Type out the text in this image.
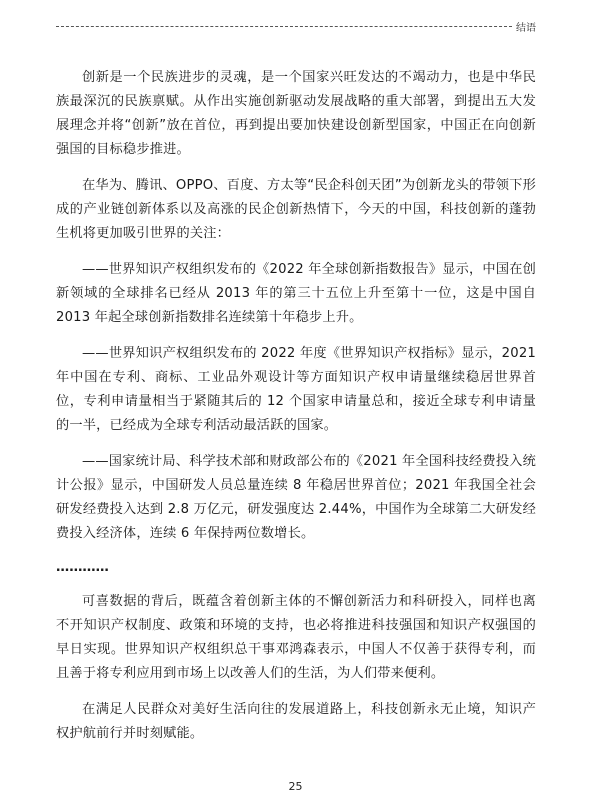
结语

创新是一个民族进步的灵魂，是一个国家兴旺发达的不竭动力，也是中华民族最深沉的民族禀赋。从作出实施创新驱动发展战略的重大部署，到提出五大发展理念并将“创新”放在首位，再到提出要加快建设创新型国家，中国正在向创新强国的目标稳步推进。

在华为、腾讯、OPPO、百度、方太等“民企科创天团”为创新龙头的带领下形成的产业链创新体系以及高涨的民企创新热情下，今天的中国，科技创新的蓬勃生机将更加吸引世界的关注：

——世界知识产权组织发布的《2022 年全球创新指数报告》显示，中国在创新领域的全球排名已经从 2013 年的第三十五位上升至第十一位，这是中国自 2013 年起全球创新指数排名连续第十年稳步上升。

——世界知识产权组织发布的 2022 年度《世界知识产权指标》显示，2021 年中国在专利、商标、工业品外观设计等方面知识产权申请量继续稳居世界首位，专利申请量相当于紧随其后的 12 个国家申请量总和，接近全球专利申请量的一半，已经成为全球专利活动最活跃的国家。

——国家统计局、科学技术部和财政部公布的《2021 年全国科技经费投入统计公报》显示，中国研发人员总量连续 8 年稳居世界首位；2021 年我国全社会研发经费投入达到 2.8 万亿元，研发强度达 2.44%，中国作为全球第二大研发经费投入经济体，连续 6 年保持两位数增长。

…………

可喜数据的背后，既蕴含着创新主体的不懈创新活力和科研投入，同样也离不开知识产权制度、政策和环境的支持，也必将推进科技强国和知识产权强国的早日实现。世界知识产权组织总干事邓鸿森表示，中国人不仅善于获得专利，而且善于将专利应用到市场上以改善人们的生活，为人们带来便利。

在满足人民群众对美好生活向往的发展道路上，科技创新永无止境，知识产权护航前行并时刻赋能。

25
